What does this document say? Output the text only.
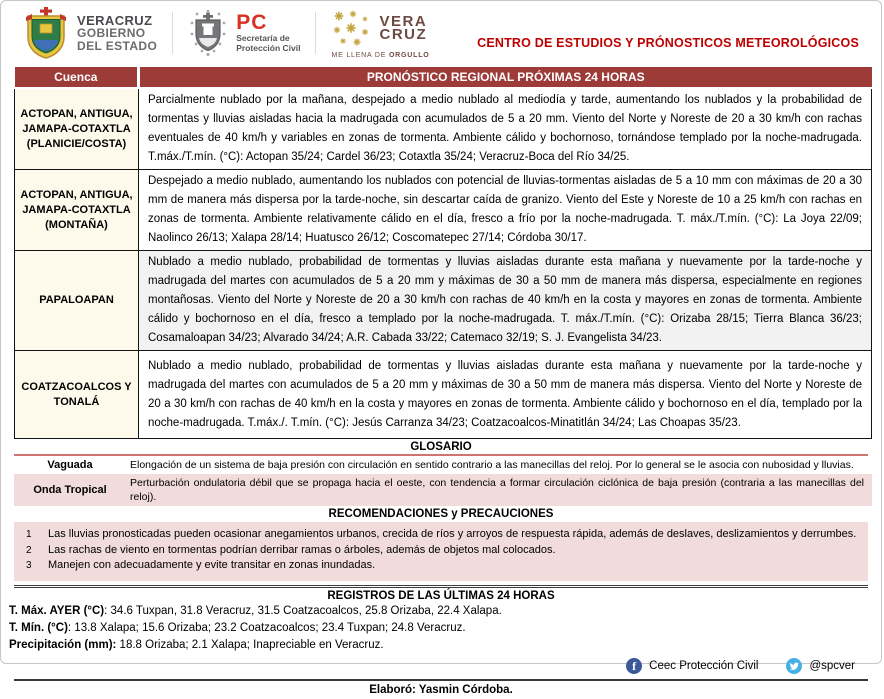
VERACRUZ
GOBIERNO
DEL ESTADO
PC
Secretaría de
Protección Civil
VERA
CRUZ
ME LLENA DE ORGULLO
CENTRO DE ESTUDIOS Y PRÓNOSTICOS METEOROLÓGICOS
Cuenca	PRONÓSTICO REGIONAL PRÓXIMAS 24 HORAS
ACTOPAN, ANTIGUA, JAMAPA-COTAXTLA (PLANICIE/COSTA)	Parcialmente nublado por la mañana, despejado a medio nublado al mediodía y tarde, aumentando los nublados y la probabilidad de tormentas y lluvias aisladas hacia la madrugada con acumulados de 5 a 20 mm. Viento del Norte y Noreste de 20 a 30 km/h con rachas eventuales de 40 km/h y variables en zonas de tormenta. Ambiente cálido y bochornoso, tornándose templado por la noche-madrugada. T.máx./T.mín. (°C): Actopan 35/24; Cardel 36/23; Cotaxtla 35/24; Veracruz-Boca del Río 34/25.
ACTOPAN, ANTIGUA, JAMAPA-COTAXTLA (MONTAÑA)	Despejado a medio nublado, aumentando los nublados con potencial de lluvias-tormentas aisladas de 5 a 10 mm con máximas de 20 a 30 mm de manera más dispersa por la tarde-noche, sin descartar caída de granizo. Viento del Este y Noreste de 10 a 25 km/h con rachas en zonas de tormenta. Ambiente relativamente cálido en el día, fresco a frío por la noche-madrugada. T. máx./T.mín. (°C): La Joya 22/09; Naolinco 26/13; Xalapa 28/14; Huatusco 26/12; Coscomatepec 27/14; Córdoba 30/17.
PAPALOAPAN	Nublado a medio nublado, probabilidad de tormentas y lluvias aisladas durante esta mañana y nuevamente por la tarde-noche y madrugada del martes con acumulados de 5 a 20 mm y máximas de 30 a 50 mm de manera más dispersa, especialmente en regiones montañosas. Viento del Norte y Noreste de 20 a 30 km/h con rachas de 40 km/h en la costa y mayores en zonas de tormenta. Ambiente cálido y bochornoso en el día, fresco a templado por la noche-madrugada. T. máx./T.mín. (°C): Orizaba 28/15; Tierra Blanca 36/23; Cosamaloapan 34/23; Alvarado 34/24; A.R. Cabada 33/22; Catemaco 32/19; S. J. Evangelista 34/23.
COATZACOALCOS Y TONALÁ	Nublado a medio nublado, probabilidad de tormentas y lluvias aisladas durante esta mañana y nuevamente por la tarde-noche y madrugada del martes con acumulados de 5 a 20 mm y máximas de 30 a 50 mm de manera más dispersa. Viento del Norte y Noreste de 20 a 30 km/h con rachas de 40 km/h en la costa y mayores en zonas de tormenta. Ambiente cálido y bochornoso en el día, templado por la noche-madrugada. T.máx./. T.mín. (°C): Jesús Carranza 34/23; Coatzacoalcos-Minatitlán 34/24; Las Choapas 35/23.
GLOSARIO
Vaguada	Elongación de un sistema de baja presión con circulación en sentido contrario a las manecillas del reloj. Por lo general se le asocia con nubosidad y lluvias.
Onda Tropical	Perturbación ondulatoria débil que se propaga hacia el oeste, con tendencia a formar circulación ciclónica de baja presión (contraria a las manecillas del reloj).
RECOMENDACIONES y PRECAUCIONES
1	Las lluvias pronosticadas pueden ocasionar anegamientos urbanos, crecida de ríos y arroyos de respuesta rápida, además de deslaves, deslizamientos y derrumbes.
2	Las rachas de viento en tormentas podrían derribar ramas o árboles, además de objetos mal colocados.
3	Manejen con adecuadamente y evite transitar en zonas inundadas.
REGISTROS DE LAS ÚLTIMAS 24 HORAS
T. Máx. AYER (°C): 34.6 Tuxpan, 31.8 Veracruz, 31.5 Coatzacoalcos, 25.8 Orizaba, 22.4 Xalapa.
T. Mín. (°C): 13.8 Xalapa; 15.6 Orizaba; 23.2 Coatzacoalcos; 23.4 Tuxpan; 24.8 Veracruz.
Precipitación (mm): 18.8 Orizaba; 2.1 Xalapa; Inapreciable en Veracruz.
f	Ceec Protección Civil	@spcver
Elaboró: Yasmin Córdoba.
